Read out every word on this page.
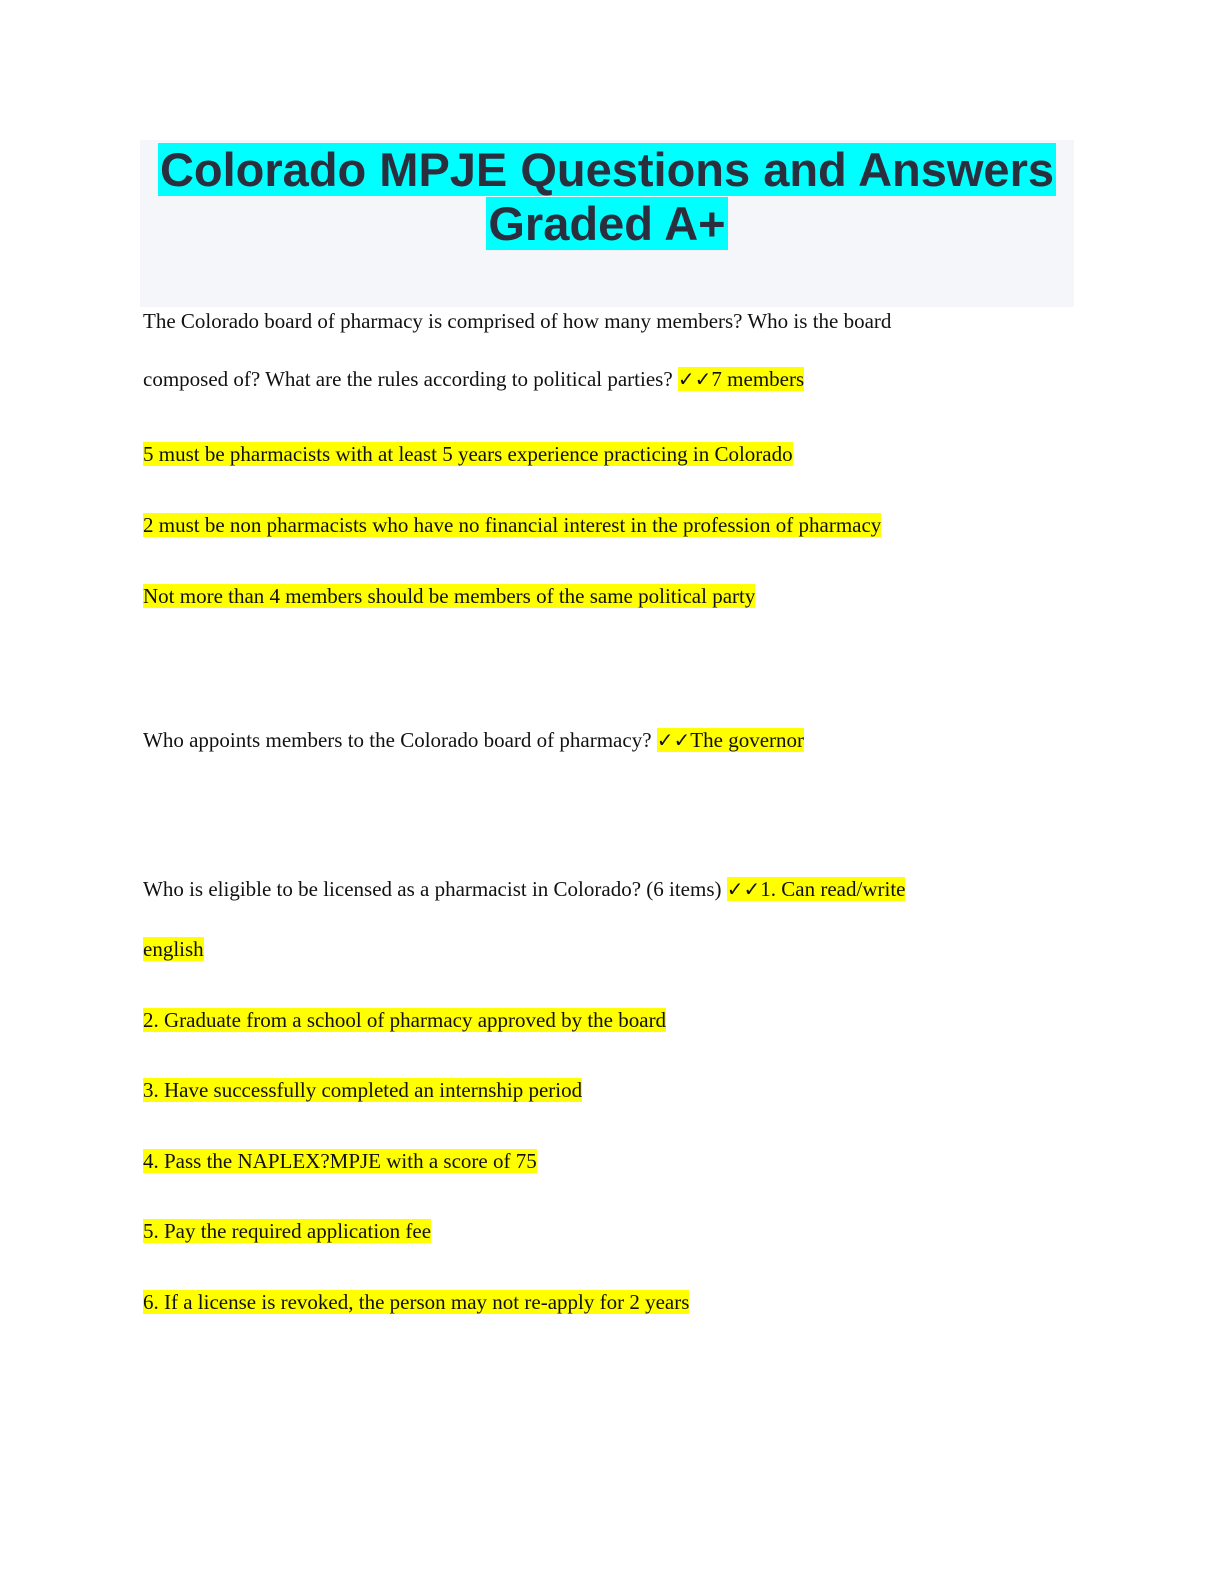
Colorado MPJE Questions and Answers

Graded A+

The Colorado board of pharmacy is comprised of how many members? Who is the board
composed of? What are the rules according to political parties? ✓✓7 members
5 must be pharmacists with at least 5 years experience practicing in Colorado
2 must be non pharmacists who have no financial interest in the profession of pharmacy
Not more than 4 members should be members of the same political party
Who appoints members to the Colorado board of pharmacy? ✓✓The governor
Who is eligible to be licensed as a pharmacist in Colorado? (6 items) ✓✓1. Can read/write
english
2. Graduate from a school of pharmacy approved by the board
3. Have successfully completed an internship period
4. Pass the NAPLEX?MPJE with a score of 75
5. Pay the required application fee
6. If a license is revoked, the person may not re-apply for 2 years
